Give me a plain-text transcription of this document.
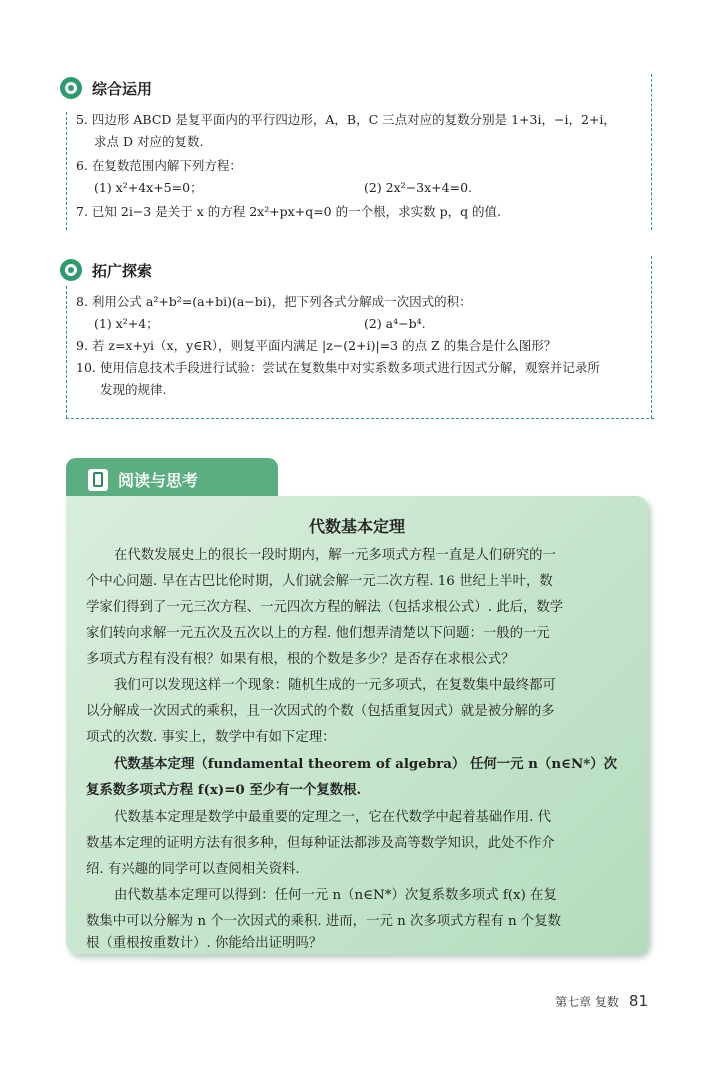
综合运用
5. 四边形 ABCD 是复平面内的平行四边形，A，B，C 三点对应的复数分别是 1+3i，−i，2+i，
求点 D 对应的复数.
6. 在复数范围内解下列方程：
(1) x²+4x+5=0；	(2) 2x²−3x+4=0.
7. 已知 2i−3 是关于 x 的方程 2x²+px+q=0 的一个根，求实数 p，q 的值.
拓广探索
8. 利用公式 a²+b²=(a+bi)(a−bi)，把下列各式分解成一次因式的积：
(1) x²+4；	(2) a⁴−b⁴.
9. 若 z=x+yi（x，y∈R），则复平面内满足 |z−(2+i)|=3 的点 Z 的集合是什么图形？
10. 使用信息技术手段进行试验：尝试在复数集中对实系数多项式进行因式分解，观察并记录所
发现的规律.
阅读与思考
代数基本定理
在代数发展史上的很长一段时期内，解一元多项式方程一直是人们研究的一
个中心问题. 早在古巴比伦时期，人们就会解一元二次方程. 16 世纪上半叶，数
学家们得到了一元三次方程、一元四次方程的解法（包括求根公式）. 此后，数学
家们转向求解一元五次及五次以上的方程. 他们想弄清楚以下问题：一般的一元
多项式方程有没有根？如果有根，根的个数是多少？是否存在求根公式？
我们可以发现这样一个现象：随机生成的一元多项式，在复数集中最终都可
以分解成一次因式的乘积，且一次因式的个数（包括重复因式）就是被分解的多
项式的次数. 事实上，数学中有如下定理：
代数基本定理（fundamental theorem of algebra） 任何一元 n（n∈N*）次
复系数多项式方程 f(x)=0 至少有一个复数根.
代数基本定理是数学中最重要的定理之一，它在代数学中起着基础作用. 代
数基本定理的证明方法有很多种，但每种证法都涉及高等数学知识，此处不作介
绍. 有兴趣的同学可以查阅相关资料.
由代数基本定理可以得到：任何一元 n（n∈N*）次复系数多项式 f(x) 在复
数集中可以分解为 n 个一次因式的乘积. 进而，一元 n 次多项式方程有 n 个复数
根（重根按重数计）. 你能给出证明吗？
第七章 复数 81
